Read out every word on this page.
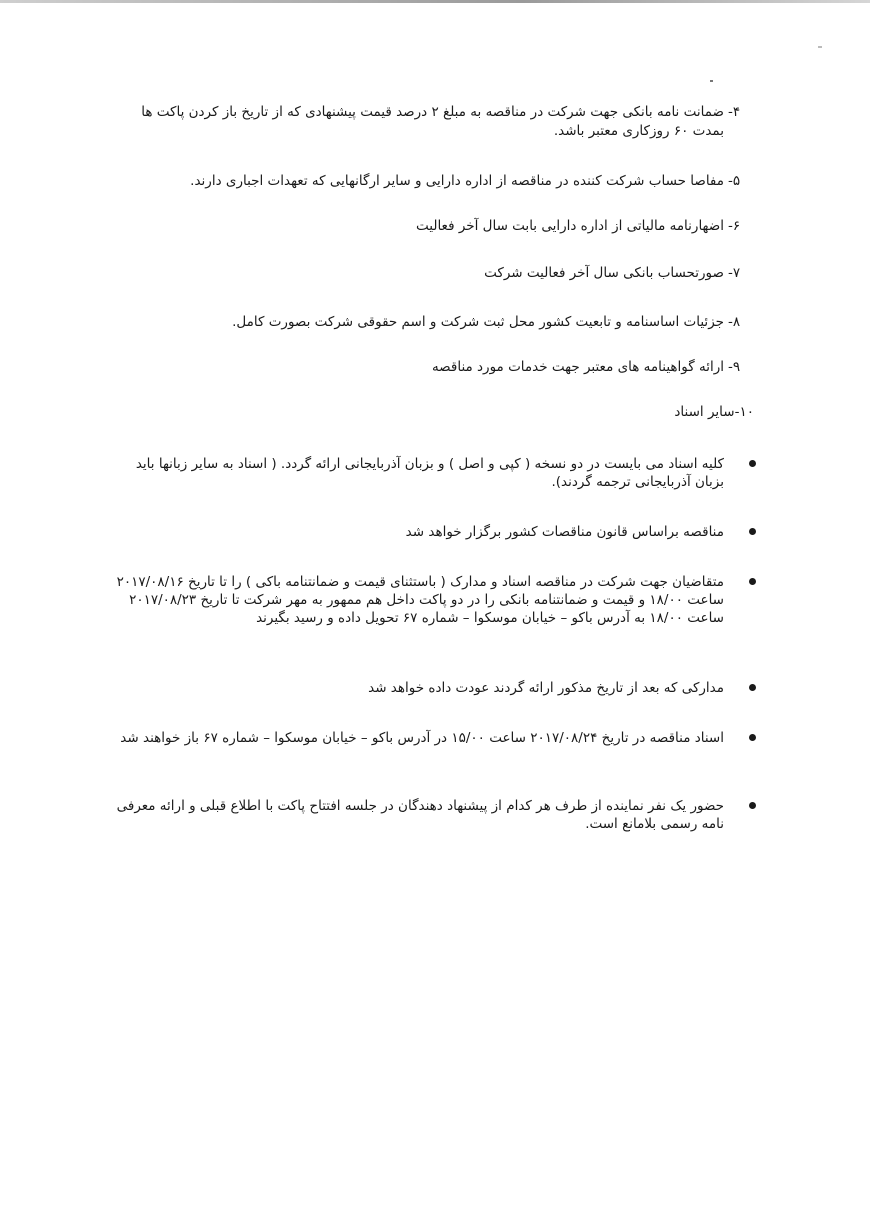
۴-
ضمانت نامه بانکی جهت شرکت در مناقصه به مبلغ ۲ درصد قیمت پیشنهادی که از تاریخ باز کردن پاکت ها بمدت ۶۰ روزکاری معتبر باشد.
۵-
مفاصا حساب شرکت کننده در مناقصه از اداره دارایی و سایر ارگانهایی که تعهدات اجباری دارند.
۶-
اضهارنامه مالیاتی از اداره دارایی بابت سال آخر فعالیت
۷-
صورتحساب بانکی سال آخر فعالیت شرکت
۸-
جزئیات اساسنامه و تابعیت کشور محل ثبت شرکت و اسم حقوقی شرکت بصورت کامل.
۹-
ارائه گواهینامه های معتبر جهت خدمات مورد مناقصه
۱۰-سایر اسناد
کلیه اسناد می بایست در دو نسخه ( کپی و اصل ) و بزبان آذربایجانی ارائه گردد. ( اسناد به سایر زبانها باید بزبان آذربایجانی ترجمه گردند).
مناقصه براساس قانون مناقصات کشور برگزار خواهد شد
متقاضیان جهت شرکت در مناقصه اسناد و مدارک ( باستثنای قیمت و ضمانتنامه باکی ) را تا تاریخ ۲۰۱۷/۰۸/۱۶ ساعت ۱۸/۰۰ و قیمت و ضمانتنامه بانکی را در دو پاکت داخل هم ممهور به مهر شرکت تا تاریخ ۲۰۱۷/۰۸/۲۳ ساعت ۱۸/۰۰ به آدرس باکو – خیابان موسکوا – شماره ۶۷ تحویل داده و رسید بگیرند
مدارکی که بعد از تاریخ مذکور ارائه گردند عودت داده خواهد شد
اسناد مناقصه در تاریخ ۲۰۱۷/۰۸/۲۴ ساعت ۱۵/۰۰ در آدرس باکو – خیابان موسکوا – شماره ۶۷ باز خواهند شد
حضور یک نفر نماینده از طرف هر کدام از پیشنهاد دهندگان در جلسه افتتاح پاکت با اطلاع قبلی و ارائه معرفی نامه رسمی بلامانع است.
